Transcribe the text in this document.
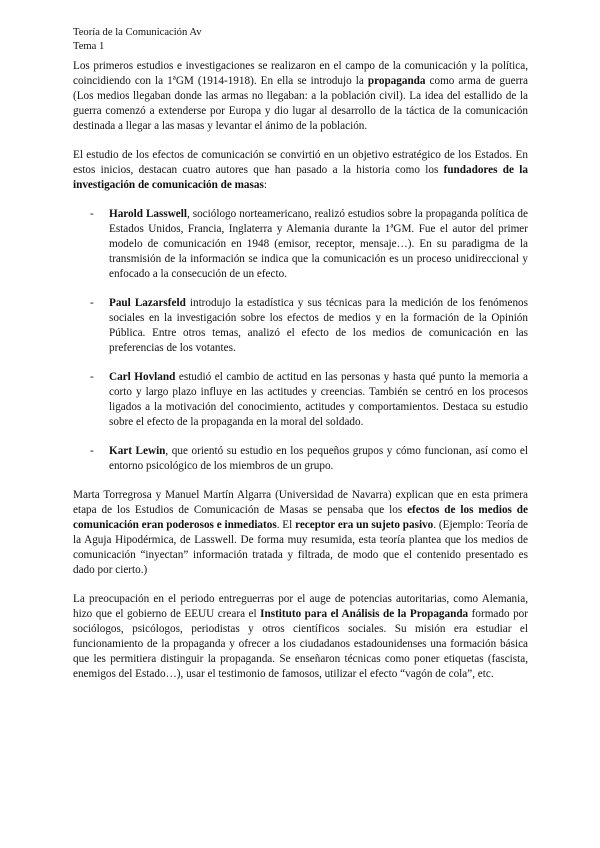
Teoría de la Comunicación Av
Tema 1

Los primeros estudios e investigaciones se realizaron en el campo de la comunicación y la política, coincidiendo con la 1ªGM (1914-1918). En ella se introdujo la propaganda como arma de guerra (Los medios llegaban donde las armas no llegaban: a la población civil). La idea del estallido de la guerra comenzó a extenderse por Europa y dio lugar al desarrollo de la táctica de la comunicación destinada a llegar a las masas y levantar el ánimo de la población.

El estudio de los efectos de comunicación se convirtió en un objetivo estratégico de los Estados. En estos inicios, destacan cuatro autores que han pasado a la historia como los fundadores de la investigación de comunicación de masas:

- Harold Lasswell, sociólogo norteamericano, realizó estudios sobre la propaganda política de Estados Unidos, Francia, Inglaterra y Alemania durante la 1ªGM. Fue el autor del primer modelo de comunicación en 1948 (emisor, receptor, mensaje…). En su paradigma de la transmisión de la información se indica que la comunicación es un proceso unidireccional y enfocado a la consecución de un efecto.
- Paul Lazarsfeld introdujo la estadística y sus técnicas para la medición de los fenómenos sociales en la investigación sobre los efectos de medios y en la formación de la Opinión Pública. Entre otros temas, analizó el efecto de los medios de comunicación en las preferencias de los votantes.
- Carl Hovland estudió el cambio de actitud en las personas y hasta qué punto la memoria a corto y largo plazo influye en las actitudes y creencias. También se centró en los procesos ligados a la motivación del conocimiento, actitudes y comportamientos. Destaca su estudio sobre el efecto de la propaganda en la moral del soldado.
- Kart Lewin, que orientó su estudio en los pequeños grupos y cómo funcionan, así como el entorno psicológico de los miembros de un grupo.

Marta Torregrosa y Manuel Martín Algarra (Universidad de Navarra) explican que en esta primera etapa de los Estudios de Comunicación de Masas se pensaba que los efectos de los medios de comunicación eran poderosos e inmediatos. El receptor era un sujeto pasivo. (Ejemplo: Teoría de la Aguja Hipodérmica, de Lasswell. De forma muy resumida, esta teoría plantea que los medios de comunicación “inyectan” información tratada y filtrada, de modo que el contenido presentado es dado por cierto.)

La preocupación en el periodo entreguerras por el auge de potencias autoritarias, como Alemania, hizo que el gobierno de EEUU creara el Instituto para el Análisis de la Propaganda formado por sociólogos, psicólogos, periodistas y otros científicos sociales. Su misión era estudiar el funcionamiento de la propaganda y ofrecer a los ciudadanos estadounidenses una formación básica que les permitiera distinguir la propaganda. Se enseñaron técnicas como poner etiquetas (fascista, enemigos del Estado…), usar el testimonio de famosos, utilizar el efecto “vagón de cola”, etc.
